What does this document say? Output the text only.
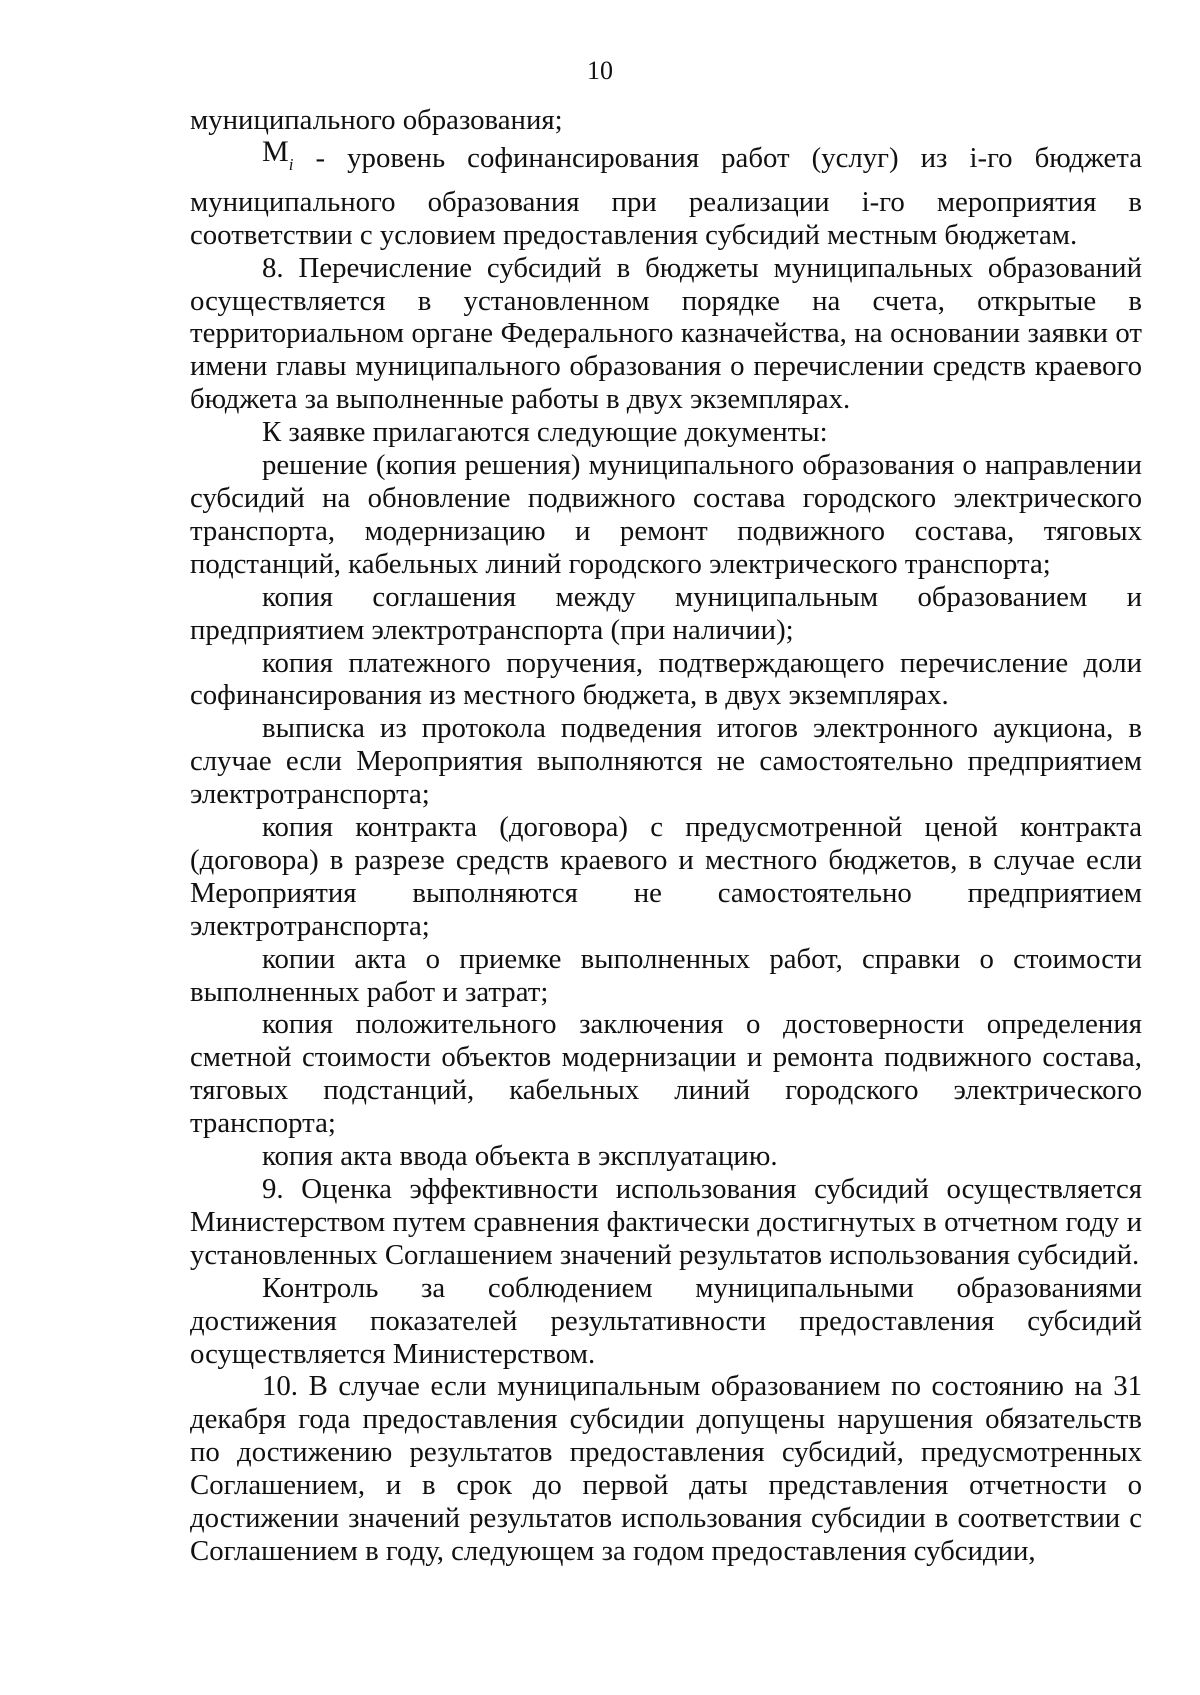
10

муниципального образования;

$M_i$ - уровень софинансирования работ (услуг) из i-го бюджета муниципального образования при реализации i-го мероприятия в соответствии с условием предоставления субсидий местным бюджетам.

8. Перечисление субсидий в бюджеты муниципальных образований осуществляется в установленном порядке на счета, открытые в территориальном органе Федерального казначейства, на основании заявки от имени главы муниципального образования о перечислении средств краевого бюджета за выполненные работы в двух экземплярах.

К заявке прилагаются следующие документы:

решение (копия решения) муниципального образования о направлении субсидий на обновление подвижного состава городского электрического транспорта, модернизацию и ремонт подвижного состава, тяговых подстанций, кабельных линий городского электрического транспорта;

копия соглашения между муниципальным образованием и предприятием электротранспорта (при наличии);

копия платежного поручения, подтверждающего перечисление доли софинансирования из местного бюджета, в двух экземплярах.

выписка из протокола подведения итогов электронного аукциона, в случае если Мероприятия выполняются не самостоятельно предприятием электротранспорта;

копия контракта (договора) с предусмотренной ценой контракта (договора) в разрезе средств краевого и местного бюджетов, в случае если Мероприятия выполняются не самостоятельно предприятием электротранспорта;

копии акта о приемке выполненных работ, справки о стоимости выполненных работ и затрат;

копия положительного заключения о достоверности определения сметной стоимости объектов модернизации и ремонта подвижного состава, тяговых подстанций, кабельных линий городского электрического транспорта;

копия акта ввода объекта в эксплуатацию.

9. Оценка эффективности использования субсидий осуществляется Министерством путем сравнения фактически достигнутых в отчетном году и установленных Соглашением значений результатов использования субсидий.

Контроль за соблюдением муниципальными образованиями достижения показателей результативности предоставления субсидий осуществляется Министерством.

10. В случае если муниципальным образованием по состоянию на 31 декабря года предоставления субсидии допущены нарушения обязательств по достижению результатов предоставления субсидий, предусмотренных Соглашением, и в срок до первой даты представления отчетности о достижении значений результатов использования субсидии в соответствии с Соглашением в году, следующем за годом предоставления субсидии,
